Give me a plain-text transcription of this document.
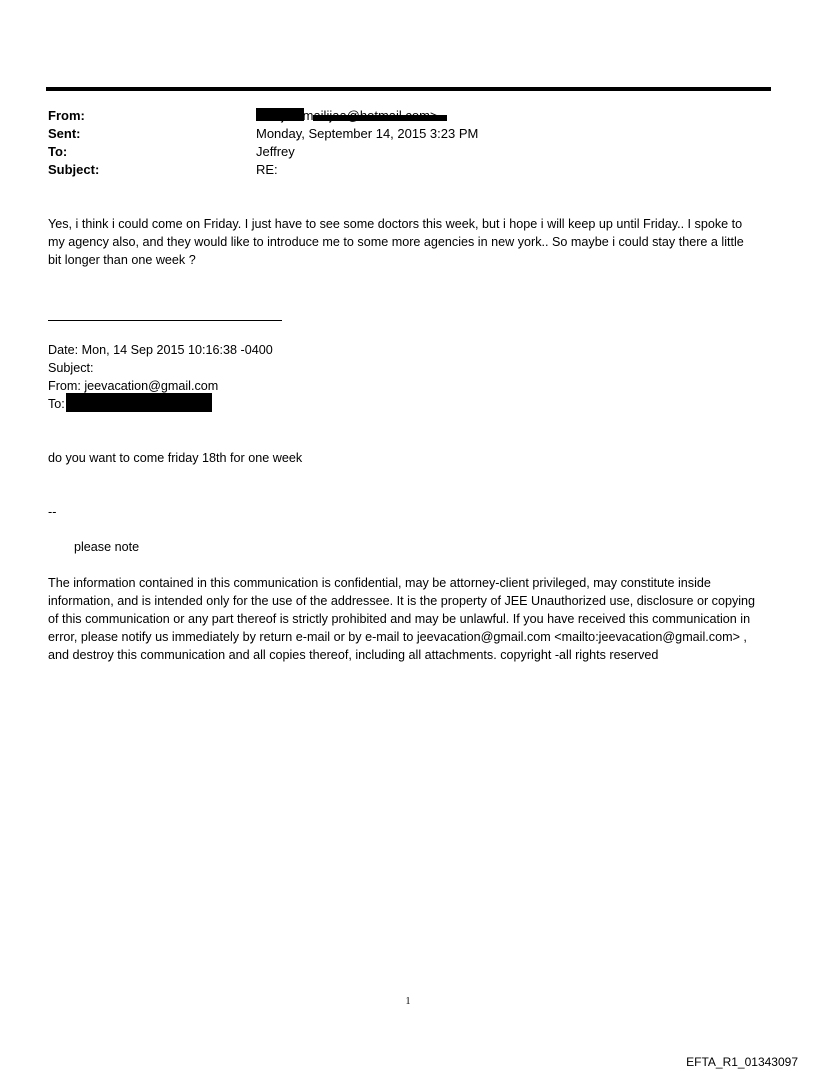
From:
Sent:	Monday, September 14, 2015 3:23 PM
To:	Jeffrey
Subject:	RE:
Yes, i think i could come on Friday. I just have to see some doctors this week, but i hope i will keep up until Friday.. I spoke to my agency also, and they would like to introduce me to some more agencies in new york.. So maybe i could stay there a little bit longer than one week ?
Date: Mon, 14 Sep 2015 10:16:38 -0400
Subject:
From: jeevacation@gmail.com
To:
do you want to come friday 18th for one week
--
please note
The information contained in this communication is confidential, may be attorney-client privileged, may constitute inside information, and is intended only for the use of the addressee. It is the property of JEE Unauthorized use, disclosure or copying of this communication or any part thereof is strictly prohibited and may be unlawful. If you have received this communication in error, please notify us immediately by return e-mail or by e-mail to jeevacation@gmail.com <mailto:jeevacation@gmail.com> , and destroy this communication and all copies thereof, including all attachments. copyright -all rights reserved
1
EFTA_R1_01343097
